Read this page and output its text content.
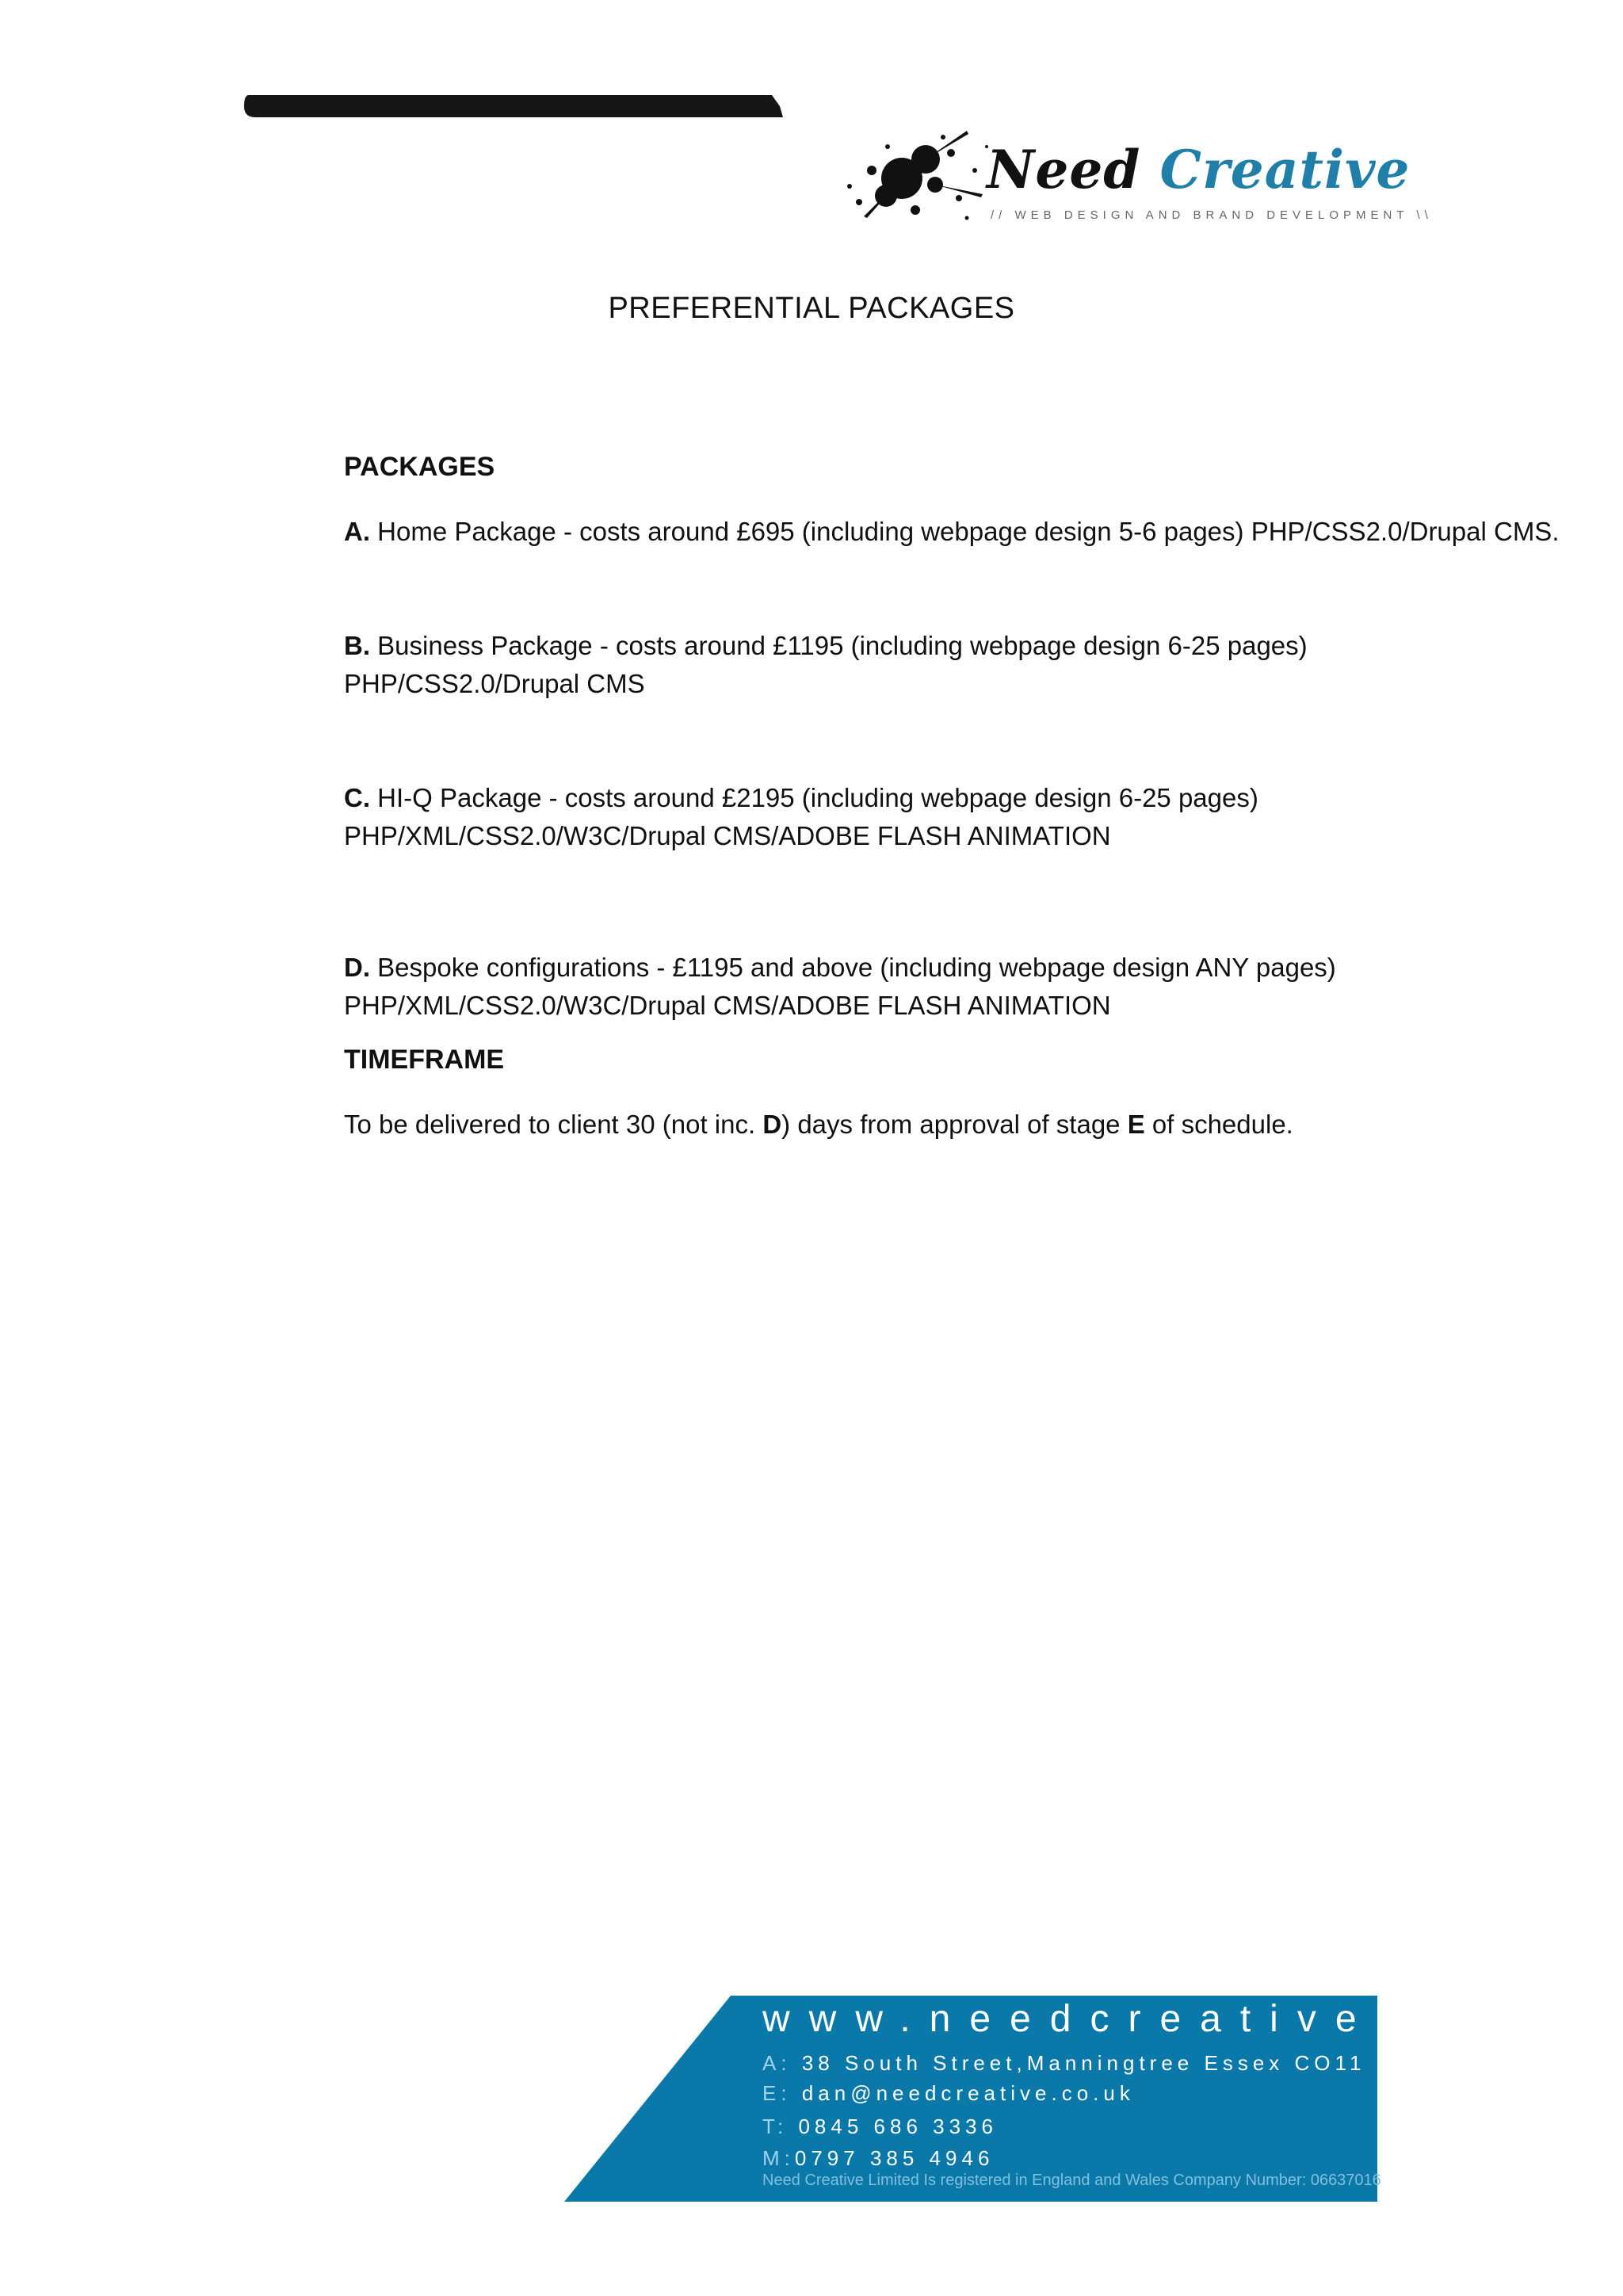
Need Creative
// WEB DESIGN AND BRAND DEVELOPMENT \\
PREFERENTIAL PACKAGES
PACKAGES
A. Home Package - costs around £695 (including webpage design 5-6 pages) PHP/CSS2.0/Drupal CMS.
B. Business Package - costs around £1195 (including webpage design 6-25 pages)
PHP/CSS2.0/Drupal CMS
C. HI-Q Package - costs around £2195 (including webpage design 6-25 pages)
PHP/XML/CSS2.0/W3C/Drupal CMS/ADOBE FLASH ANIMATION
D. Bespoke configurations - £1195 and above (including webpage design ANY pages)
PHP/XML/CSS2.0/W3C/Drupal CMS/ADOBE FLASH ANIMATION
TIMEFRAME
To be delivered to client 30 (not inc. D) days from approval of stage E of schedule.
www.needcreative.co.uk
A: 38 South Street,Manningtree Essex CO11 1BG
E: dan@needcreative.co.uk
T: 0845 686 3336
M:0797 385 4946
Need Creative Limited Is registered in England and Wales Company Number: 06637016
